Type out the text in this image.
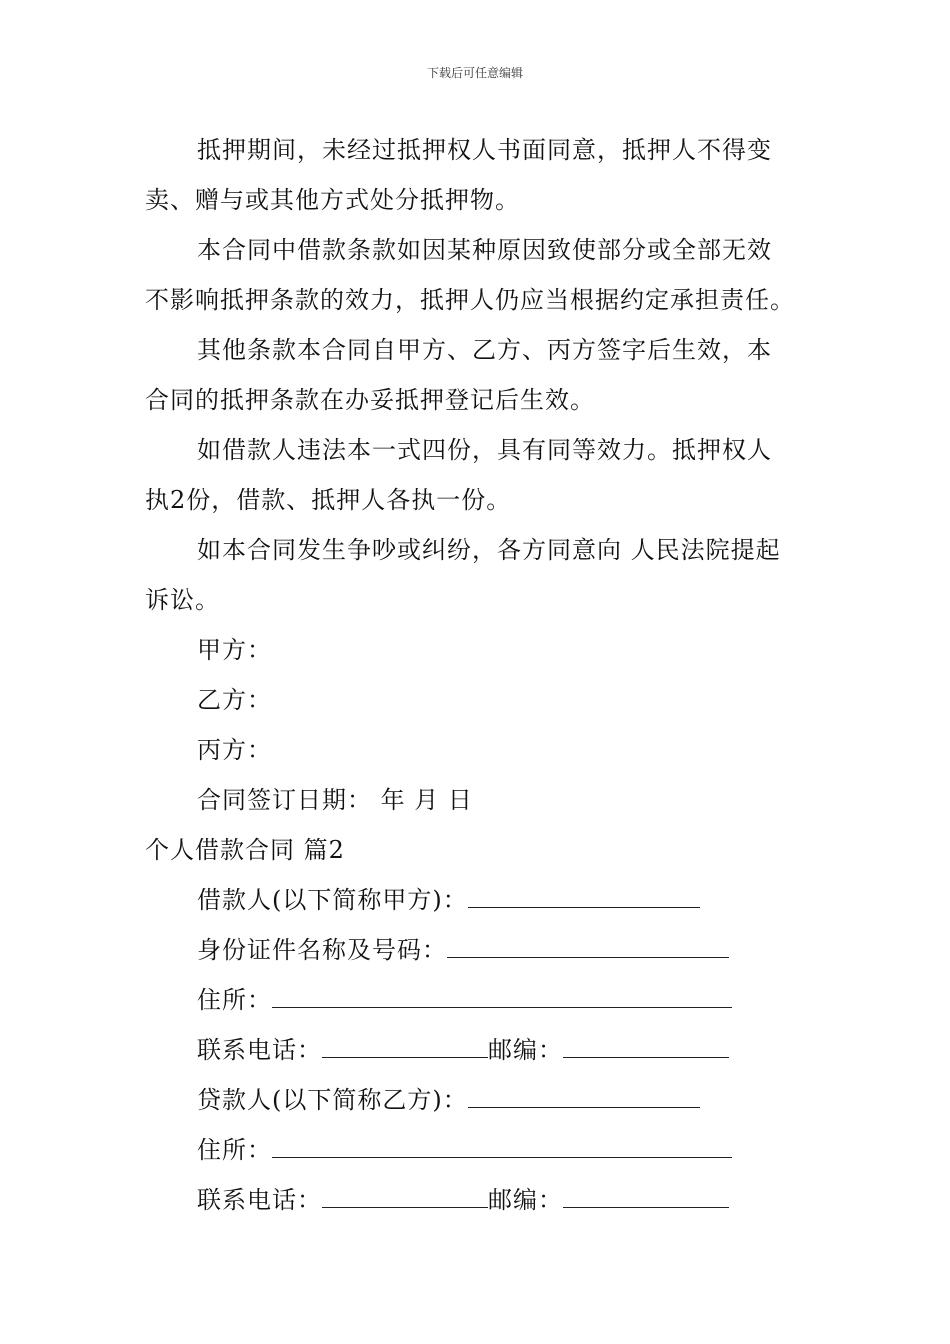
下载后可任意编辑
抵押期间，未经过抵押权人书面同意，抵押人不得变
卖、赠与或其他方式处分抵押物。
本合同中借款条款如因某种原因致使部分或全部无效
不影响抵押条款的效力，抵押人仍应当根据约定承担责任。
其他条款本合同自甲方、乙方、丙方签字后生效，本
合同的抵押条款在办妥抵押登记后生效。
如借款人违法本一式四份，具有同等效力。抵押权人
执2份，借款、抵押人各执一份。
如本合同发生争吵或纠纷，各方同意向 人民法院提起
诉讼。
甲方：
乙方：
丙方：
合同签订日期： 年 月 日
个人借款合同 篇2
借款人(以下简称甲方)：
身份证件名称及号码：
住所：
联系电话：	邮编：
贷款人(以下简称乙方)：
住所：
联系电话：	邮编：
